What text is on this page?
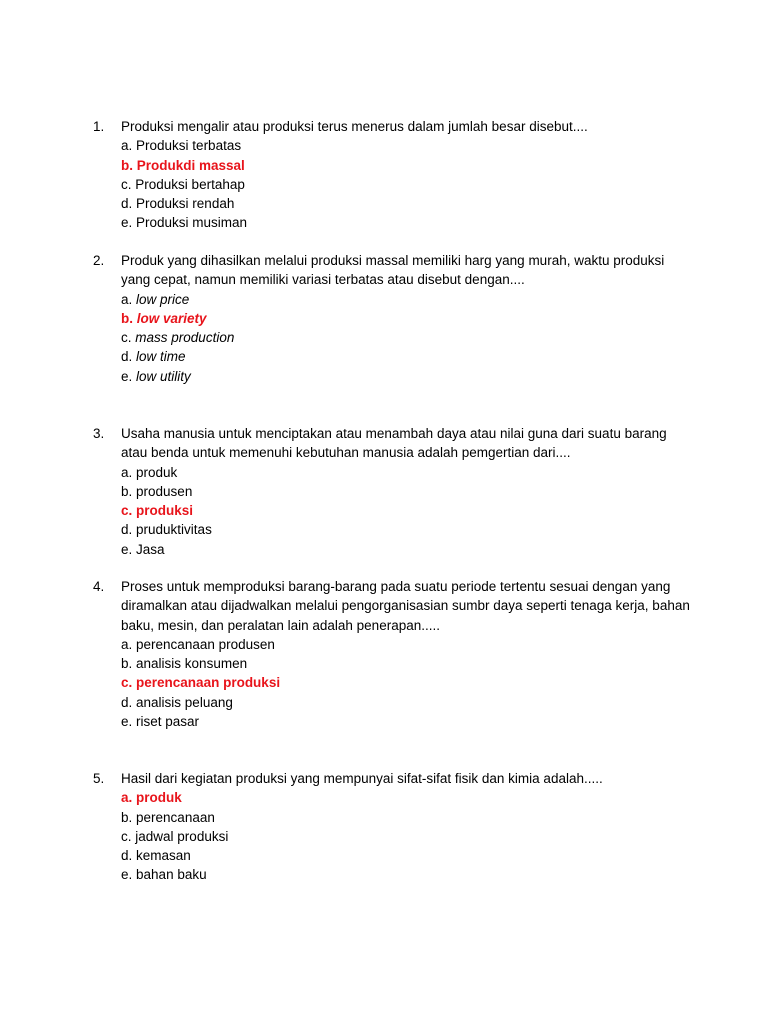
1.	Produksi mengalir atau produksi terus menerus dalam jumlah besar disebut....
a. Produksi terbatas
b. Produkdi massal
c. Produksi bertahap
d. Produksi rendah
e. Produksi musiman
2.	Produk yang dihasilkan melalui produksi massal memiliki harg yang murah, waktu produksi yang cepat, namun memiliki variasi terbatas atau disebut dengan....
a. low price
b. low variety
c. mass production
d. low time
e. low utility
3.	Usaha manusia untuk menciptakan atau menambah daya atau nilai guna dari suatu barang atau benda untuk memenuhi kebutuhan manusia adalah pemgertian dari....
a. produk
b. produsen
c. produksi
d. pruduktivitas
e. Jasa
4.	Proses untuk memproduksi barang-barang pada suatu periode tertentu sesuai dengan yang diramalkan atau dijadwalkan melalui pengorganisasian sumbr daya seperti tenaga kerja, bahan baku, mesin, dan peralatan lain adalah penerapan.....
a. perencanaan produsen
b. analisis konsumen
c. perencanaan produksi
d. analisis peluang
e. riset pasar
5.	Hasil dari kegiatan produksi yang mempunyai sifat-sifat fisik dan kimia adalah.....
a. produk
b. perencanaan
c. jadwal produksi
d. kemasan
e. bahan baku
